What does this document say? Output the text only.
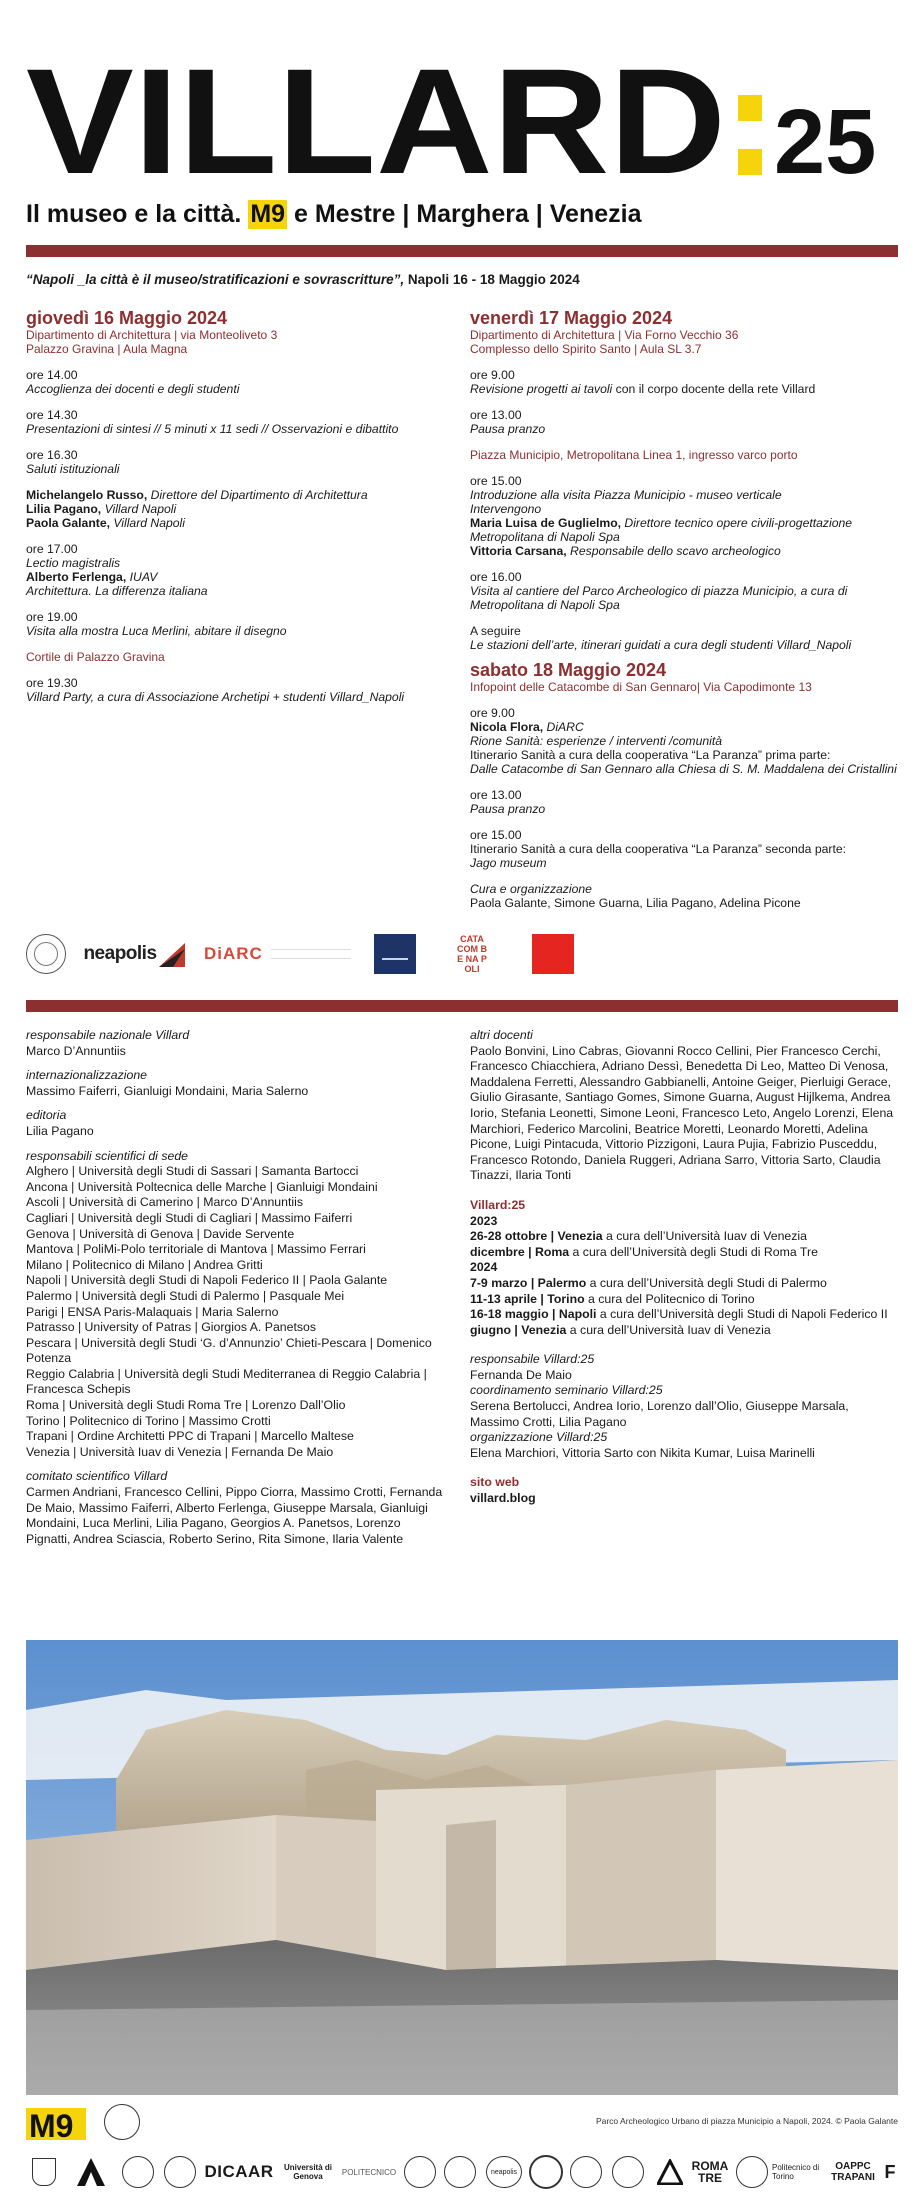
VILLARD 25
Il museo e la città. M9 e Mestre | Marghera | Venezia
“Napoli _la città è il museo/stratificazioni e sovrascritture”, Napoli 16 - 18 Maggio 2024
giovedì 16 Maggio 2024
Dipartimento di Architettura | via Monteoliveto 3
Palazzo Gravina | Aula Magna
ore 14.00
Accoglienza dei docenti e degli studenti
ore 14.30
Presentazioni di sintesi // 5 minuti x 11 sedi // Osservazioni e dibattito
ore 16.30
Saluti istituzionali
Michelangelo Russo, Direttore del Dipartimento di Architettura
Lilia Pagano, Villard Napoli
Paola Galante, Villard Napoli
ore 17.00
Lectio magistralis
Alberto Ferlenga, IUAV
Architettura. La differenza italiana
ore 19.00
Visita alla mostra Luca Merlini, abitare il disegno
Cortile di Palazzo Gravina
ore 19.30
Villard Party, a cura di Associazione Archetipi + studenti Villard_Napoli
venerdì 17 Maggio 2024
Dipartimento di Architettura | Via Forno Vecchio 36
Complesso dello Spirito Santo | Aula SL 3.7
ore 9.00
Revisione progetti ai tavoli con il corpo docente della rete Villard
ore 13.00
Pausa pranzo
Piazza Municipio, Metropolitana Linea 1, ingresso varco porto
ore 15.00
Introduzione alla visita Piazza Municipio - museo verticale
Intervengono
Maria Luisa de Guglielmo, Direttore tecnico opere civili-progettazione Metropolitana di Napoli Spa
Vittoria Carsana, Responsabile dello scavo archeologico
ore 16.00
Visita al cantiere del Parco Archeologico di piazza Municipio, a cura di Metropolitana di Napoli Spa
A seguire
Le stazioni dell’arte, itinerari guidati a cura degli studenti Villard_Napoli
sabato 18 Maggio 2024
Infopoint delle Catacombe di San Gennaro| Via Capodimonte 13
ore 9.00
Nicola Flora, DiARC
Rione Sanità: esperienze / interventi /comunità
Itinerario Sanità a cura della cooperativa “La Paranza” prima parte:
Dalle Catacombe di San Gennaro alla Chiesa di S. M. Maddalena dei Cristallini
ore 13.00
Pausa pranzo
ore 15.00
Itinerario Sanità a cura della cooperativa “La Paranza” seconda parte:
Jago museum
Cura e organizzazione
Paola Galante, Simone Guarna, Lilia Pagano, Adelina Picone
neapolis	DiARC
CATA COM BE NA POLI
responsabile nazionale Villard
Marco D’Annuntiis
internazionalizzazione
Massimo Faiferri, Gianluigi Mondaini, Maria Salerno
editoria
Lilia Pagano
responsabili scientifici di sede
Alghero | Università degli Studi di Sassari | Samanta Bartocci
Ancona | Università Poltecnica delle Marche | Gianluigi Mondaini
Ascoli | Università di Camerino | Marco D’Annuntiis
Cagliari | Università degli Studi di Cagliari | Massimo Faiferri
Genova | Università di Genova | Davide Servente
Mantova | PoliMi-Polo territoriale di Mantova | Massimo Ferrari
Milano | Politecnico di Milano | Andrea Gritti
Napoli | Università degli Studi di Napoli Federico II | Paola Galante
Palermo | Università degli Studi di Palermo | Pasquale Mei
Parigi | ENSA Paris-Malaquais | Maria Salerno
Patrasso | University of Patras | Giorgios A. Panetsos
Pescara | Università degli Studi ‘G. d’Annunzio’ Chieti-Pescara | Domenico Potenza
Reggio Calabria | Università degli Studi Mediterranea di Reggio Calabria | Francesca Schepis
Roma | Università degli Studi Roma Tre | Lorenzo Dall’Olio
Torino | Politecnico di Torino | Massimo Crotti
Trapani | Ordine Architetti PPC di Trapani | Marcello Maltese
Venezia | Università Iuav di Venezia | Fernanda De Maio
comitato scientifico Villard
Carmen Andriani, Francesco Cellini, Pippo Ciorra, Massimo Crotti, Fernanda De Maio, Massimo Faiferri, Alberto Ferlenga, Giuseppe Marsala, Gianluigi Mondaini, Luca Merlini, Lilia Pagano, Georgios A. Panetsos, Lorenzo Pignatti, Andrea Sciascia, Roberto Serino, Rita Simone, Ilaria Valente
altri docenti
Paolo Bonvini, Lino Cabras, Giovanni Rocco Cellini, Pier Francesco Cerchi, Francesco Chiacchiera, Adriano Dessì, Benedetta Di Leo, Matteo Di Venosa, Maddalena Ferretti, Alessandro Gabbianelli, Antoine Geiger, Pierluigi Gerace, Giulio Girasante, Santiago Gomes, Simone Guarna, August Hijlkema, Andrea Iorio, Stefania Leonetti, Simone Leoni, Francesco Leto, Angelo Lorenzi, Elena Marchiori, Federico Marcolini, Beatrice Moretti, Leonardo Moretti, Adelina Picone, Luigi Pintacuda, Vittorio Pizzigoni, Laura Pujia, Fabrizio Pusceddu, Francesco Rotondo, Daniela Ruggeri, Adriana Sarro, Vittoria Sarto, Claudia Tinazzi, Ilaria Tonti
Villard:25
2023
26-28 ottobre | Venezia a cura dell’Università Iuav di Venezia
dicembre | Roma a cura dell’Università degli Studi di Roma Tre
2024
7-9 marzo | Palermo a cura dell’Università degli Studi di Palermo
11-13 aprile | Torino a cura del Politecnico di Torino
16-18 maggio | Napoli a cura dell’Università degli Studi di Napoli Federico II
giugno | Venezia a cura dell’Università Iuav di Venezia
responsabile Villard:25
Fernanda De Maio
coordinamento seminario Villard:25
Serena Bertolucci, Andrea Iorio, Lorenzo dall’Olio, Giuseppe Marsala, Massimo Crotti, Lilia Pagano
organizzazione Villard:25
Elena Marchiori, Vittoria Sarto con Nikita Kumar, Luisa Marinelli
sito web
villard.blog
M9	Parco Archeologico Urbano di piazza Municipio a Napoli, 2024. © Paola Galante
DICAAR	Università di Genova	POLITECNICO	neapolis	ROMA TRE
Politecnico di Torino
OAPPC TRAPANI F
